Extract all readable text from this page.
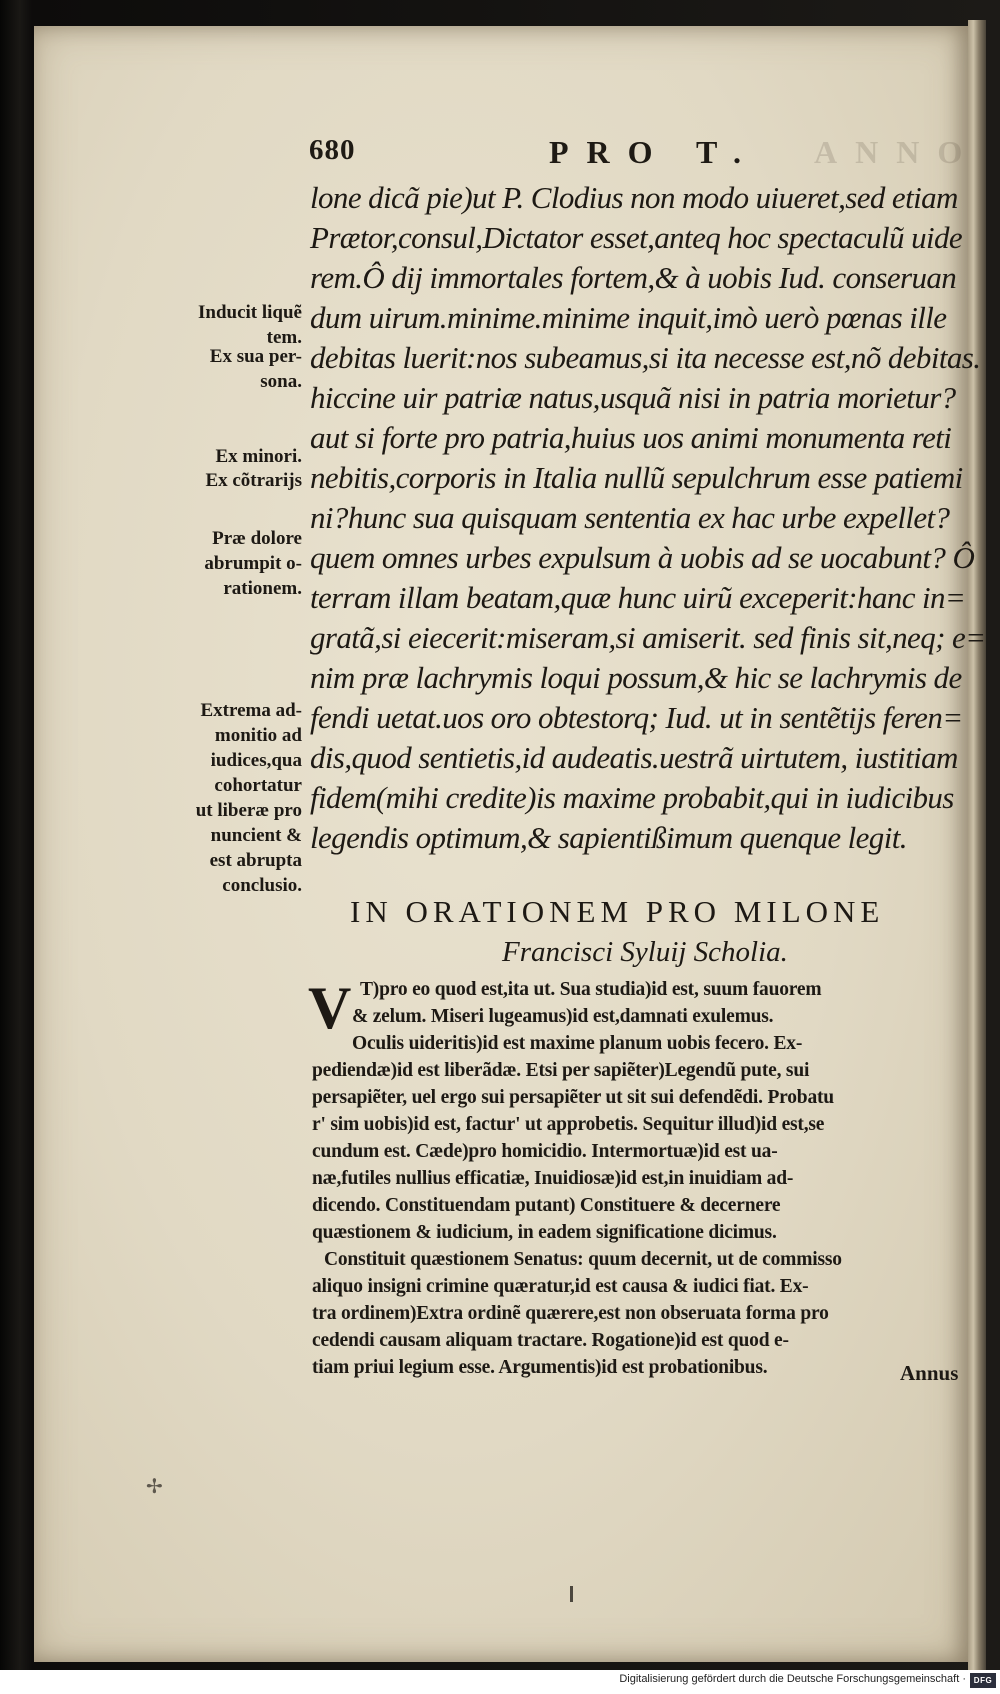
680	PRO T. ANNO
lone dicã pie)ut P. Clodius non modo uiueret,sed etiam
Prætor,consul,Dictator esset,anteq hoc spectaculũ uide
rem.Ô dij immortales fortem,& à uobis Iud. conseruan
dum uirum.minime.minime inquit,imò uerò pœnas ille
debitas luerit:nos subeamus,si ita necesse est,nõ debitas.
hiccine uir patriæ natus,usquã nisi in patria morietur?
aut si forte pro patria,huius uos animi monumenta reti
nebitis,corporis in Italia nullũ sepulchrum esse patiemi
ni?hunc sua quisquam sententia ex hac urbe expellet?
quem omnes urbes expulsum à uobis ad se uocabunt? Ô
terram illam beatam,quæ hunc uirũ exceperit:hanc in=
gratã,si eiecerit:miseram,si amiserit. sed finis sit,neq; e=
nim præ lachrymis loqui possum,& hic se lachrymis de
fendi uetat.uos oro obtestorq; Iud. ut in sentẽtijs feren=
dis,quod sentietis,id audeatis.uestrã uirtutem, iustitiam
fidem(mihi credite)is maxime probabit,qui in iudicibus
legendis optimum,& sapientißimum quenque legit.
Inducit liquẽ
tem.
Ex sua per-
sona.
Ex minori.
Ex cõtrarijs
Præ dolore
abrumpit o-
rationem.
Extrema ad-
monitio ad
iudices,qua
cohortatur
ut liberæ pro
nuncient &
est abrupta
conclusio.
IN ORATIONEM PRO MILONE
Francisci Syluij Scholia.
V T)pro eo quod est,ita ut. Sua studia)id est, suum fauorem
& zelum. Miseri lugeamus)id est,damnati exulemus.
Oculis uideritis)id est maxime planum uobis fecero. Ex-
pediendæ)id est liberãdæ. Etsi per sapiẽter)Legendũ pute, sui
persapiẽter, uel ergo sui persapiẽter ut sit sui defendẽdi. Probatu
r' sim uobis)id est, factur' ut approbetis. Sequitur illud)id est,se
cundum est. Cæde)pro homicidio. Intermortuæ)id est ua-
næ,futiles nullius efficatiæ, Inuidiosæ)id est,in inuidiam ad-
dicendo. Constituendam putant) Constituere & decernere
quæstionem & iudicium, in eadem significatione dicimus.
Constituit quæstionem Senatus: quum decernit, ut de commisso
aliquo insigni crimine quæratur,id est causa & iudici fiat. Ex-
tra ordinem)Extra ordinẽ quærere,est non obseruata forma pro
cedendi causam aliquam tractare. Rogatione)id est quod e-
tiam priui legium esse. Argumentis)id est probationibus.	Annus
✢
Digitalisierung gefördert durch die Deutsche Forschungsgemeinschaft · DFG
